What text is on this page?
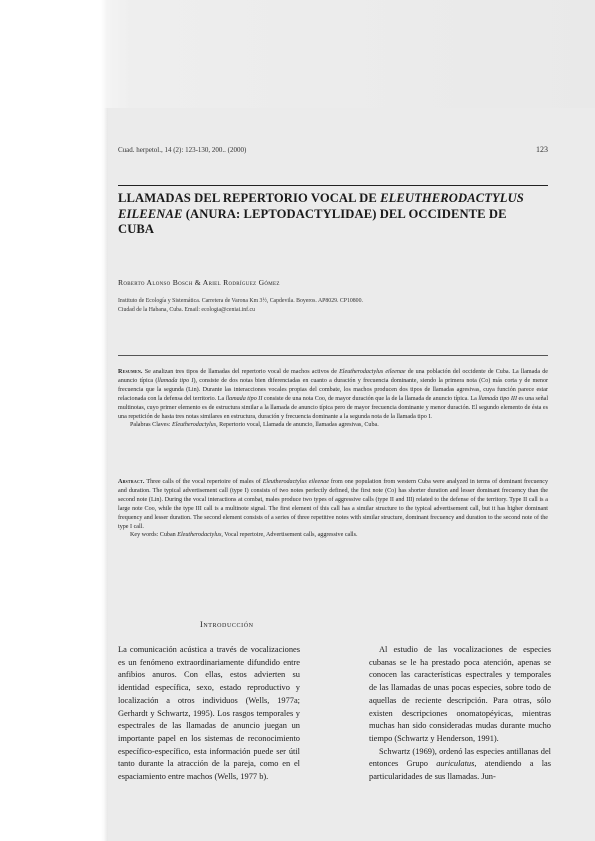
Cuad. herpetol., 14 (2): 123-130, 200.. (2000)	123
LLAMADAS DEL REPERTORIO VOCAL DE ELEUTHERODACTYLUS
EILEENAE (ANURA: LEPTODACTYLIDAE) DEL OCCIDENTE DE
CUBA
Roberto Alonso Bosch & Ariel Rodríguez Gómez
Instituto de Ecología y Sistemática. Carretera de Varona Km 3½, Capdevila. Boyeros. AP8029. CP10800.
Ciudad de la Habana, Cuba. Email: ecologia@ceniai.inf.cu

Resumen. Se analizan tres tipos de llamadas del repertorio vocal de machos activos de Eleutherodactylus eileenae de una población del occidente de Cuba. La llamada de anuncio típica (llamada tipo I), consiste de dos notas bien diferenciadas en cuanto a duración y frecuencia dominante, siendo la primera nota (Co) más corta y de menor frecuencia que la segunda (Lin). Durante las interacciones vocales propias del combate, los machos producen dos tipos de llamadas agresivas, cuya función parece estar relacionada con la defensa del territorio. La llamada tipo II consiste de una nota Coo, de mayor duración que la de la llamada de anuncio típica. La llamada tipo III es una señal multinotas, cuyo primer elemento es de estructura similar a la llamada de anuncio típica pero de mayor frecuencia dominante y menor duración. El segundo elemento de ésta es una repetición de hasta tres notas similares en estructura, duración y frecuencia dominante a la segunda nota de la llamada tipo I.

Palabras Claves: Eleutherodactylus, Repertorio vocal, Llamada de anuncio, llamadas agresivas, Cuba.

Abstract. Three calls of the vocal repertoire of males of Eleutherodactylus eileenae from one population from western Cuba were analyzed in terms of dominant frecuency and duration. The typical advertisement call (type I) consists of two notes perfectly defined, the first note (Co) has shorter duration and lesser dominant frecuency than the second note (Lin). During the vocal interactions at combat, males produce two types of aggressive calls (type II and III) related to the defense of the territory. Type II call is a large note Coo, while the type III call is a multinote signal. The first element of this call has a similar structure to the typical advertisement call, but it has higher dominant frequency and lesser duration. The second element consists of a series of three repetitive notes with similar structure, dominant frecuency and duration to the second note of the type I call.

Key words: Cuban Eleutherodactylus, Vocal repertoire, Advertisement calls, aggressive calls.

Introducción

La comunicación acústica a través de vocalizaciones es un fenómeno extraordinariamente difundido entre anfibios anuros. Con ellas, estos advierten su identidad específica, sexo, estado reproductivo y localización a otros individuos (Wells, 1977a; Gerhardt y Schwartz, 1995). Los rasgos temporales y espectrales de las llamadas de anuncio juegan un importante papel en los sistemas de reconocimiento específico-específico, esta información puede ser útil tanto durante la atracción de la pareja, como en el espaciamiento entre machos (Wells, 1977 b).

Al estudio de las vocalizaciones de especies cubanas se le ha prestado poca atención, apenas se conocen las características espectrales y temporales de las llamadas de unas pocas especies, sobre todo de aquellas de reciente descripción. Para otras, sólo existen descripciones onomatopéyicas, mientras muchas han sido consideradas mudas durante mucho tiempo (Schwartz y Henderson, 1991).

Schwartz (1969), ordenó las especies antillanas del entonces Grupo auriculatus, atendiendo a las particularidades de sus llamadas. Jun-
